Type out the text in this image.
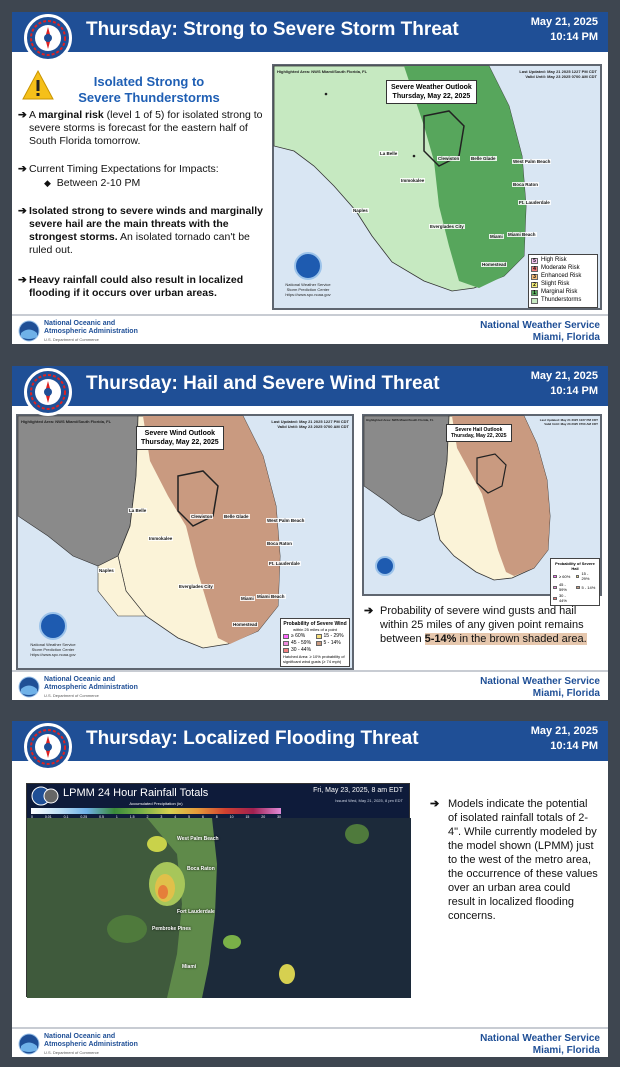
Thursday: Strong to Severe Storm Threat	May 21, 2025
10:14 PM
Isolated Strong to
Severe Thunderstorms
➔ A marginal risk (level 1 of 5) for isolated strong to severe storms is forecast for the eastern half of South Florida tomorrow.
➔ Current Timing Expectations for Impacts:
◆ Between 2-10 PM
➔ Isolated strong to severe winds and marginally severe hail are the main threats with the strongest storms. An isolated tornado can't be ruled out.
➔ Heavy rainfall could also result in localized flooding if it occurs over urban areas.
Highlighted Area: NWS Miami/South Florida, FL	Last Updated: May 21 2025 1227 PM CDT
Valid Until: May 23 2025 0700 AM CDT
Severe Weather Outlook
Thursday, May 22, 2025
La Belle
Clewiston	Belle Glade
West Palm Beach
Immokalee
Boca Raton
Ft. Lauderdale
Naples
Everglades City
Miami Miami Beach
Homestead
National Weather Service
Storm Prediction Center
https://www.spc.noaa.gov
5 High Risk
4 Moderate Risk
3 Enhanced Risk
2 Slight Risk
1 Marginal Risk
Thunderstorms
National Oceanic and
Atmospheric Administration
U.S. Department of Commerce
National Weather Service
Miami, Florida
Thursday: Hail and Severe Wind Threat	May 21, 2025
10:14 PM
Highlighted Area: NWS Miami/South Florida, FL	Last Updated: May 21 2025 1227 PM CDT
Valid Until: May 23 2025 0700 AM CDT
Severe Wind Outlook
Thursday, May 22, 2025
La Belle
Clewiston	Belle Glade
West Palm Beach
Immokalee
Boca Raton
Ft. Lauderdale
Naples
Everglades City
Miami Miami Beach
Homestead
National Weather Service
Storm Prediction Center
https://www.spc.noaa.gov
Probability of Severe Wind
within 25 miles of a point
≥ 60%	15 - 29%
45 - 59% 5 - 14%
30 - 44%
Hatched Area: ≥ 10% probability of significant wind gusts (≥ 74 mph)
Highlighted Area: NWS Miami/South Florida, FL	Last Updated: May 21 2025 1227 PM CDT
Valid Until: May 23 2025 0700 AM CDT
Severe Hail Outlook
Thursday, May 22, 2025
Probability of Severe Hail
≥ 60%	15 - 29%
45 - 59%	5 - 14%
30 - 44%
➔ Probability of severe wind gusts and hail within 25 miles of any given point remains between 5-14% in the brown shaded area.
National Oceanic and
Atmospheric Administration
U.S. Department of Commerce
National Weather Service
Miami, Florida
Thursday: Localized Flooding Threat	May 21, 2025
10:14 PM
LPMM 24 Hour Rainfall Totals	Fri, May 23, 2025, 8 am EDT
Issued Wed, May 21, 2025, 8 pm EDT
Accumulated Precipitation (in)
0	0.01	0.1	0.25	0.5	1	1.5	2	3	4	5	6	8	10	15	20	30
West Palm Beach
Boca Raton
Fort Lauderdale
Pembroke Pines
Miami
➔ Models indicate the potential of isolated rainfall totals of 2-4". While currently modeled by the model shown (LPMM) just to the west of the metro area, the occurrence of these values over an urban area could result in localized flooding concerns.
National Oceanic and
Atmospheric Administration
U.S. Department of Commerce
National Weather Service
Miami, Florida
